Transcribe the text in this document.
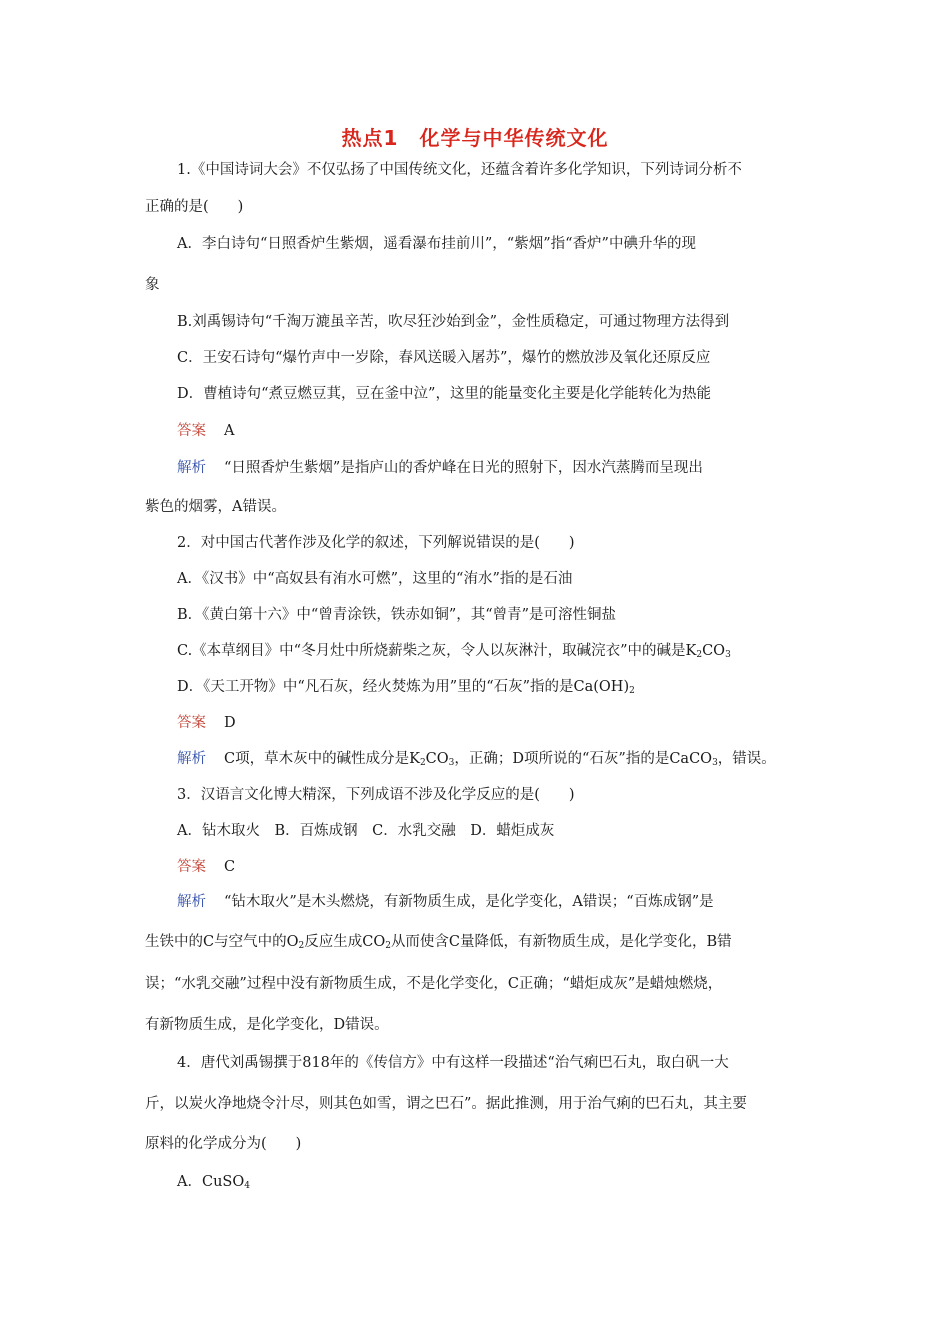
热点1　化学与中华传统文化
1.《中国诗词大会》不仅弘扬了中国传统文化，还蕴含着许多化学知识，下列诗词分析不
正确的是(　　)
A．李白诗句“日照香炉生紫烟，遥看瀑布挂前川”，“紫烟”指“香炉”中碘升华的现
象
B.刘禹锡诗句“千淘万漉虽辛苦，吹尽狂沙始到金”，金性质稳定，可通过物理方法得到
C．王安石诗句“爆竹声中一岁除，春风送暖入屠苏”，爆竹的燃放涉及氧化还原反应
D．曹植诗句“煮豆燃豆萁，豆在釜中泣”，这里的能量变化主要是化学能转化为热能
答案 A
解析 “日照香炉生紫烟”是指庐山的香炉峰在日光的照射下，因水汽蒸腾而呈现出
紫色的烟雾，A错误。
2．对中国古代著作涉及化学的叙述，下列解说错误的是(　　)
A．《汉书》中“高奴县有洧水可燃”，这里的“洧水”指的是石油
B．《黄白第十六》中“曾青涂铁，铁赤如铜”，其“曾青”是可溶性铜盐
C.《本草纲目》中“冬月灶中所烧薪柴之灰，令人以灰淋汁，取碱浣衣”中的碱是$K_2CO_3$
D．《天工开物》中“凡石灰，经火焚炼为用”里的“石灰”指的是$Ca(OH)_2$
答案 D
解析 C项，草木灰中的碱性成分是$K_2CO_3$，正确；D项所说的“石灰”指的是CaCO$_3$，错误。
3．汉语言文化博大精深，下列成语不涉及化学反应的是(　　)
A．钻木取火　B．百炼成钢　C．水乳交融　D．蜡炬成灰
答案 C
解析 “钻木取火”是木头燃烧，有新物质生成，是化学变化，A错误；“百炼成钢”是
生铁中的C与空气中的$O_2$反应生成$CO_2$从而使含C量降低，有新物质生成，是化学变化，B错
误；“水乳交融”过程中没有新物质生成，不是化学变化，C正确；“蜡炬成灰”是蜡烛燃烧，
有新物质生成，是化学变化，D错误。
4．唐代刘禹锡撰于818年的《传信方》中有这样一段描述“治气痢巴石丸，取白矾一大
斤，以炭火净地烧令汁尽，则其色如雪，谓之巴石”。据此推测，用于治气痢的巴石丸，其主要
原料的化学成分为(　　)
A．CuSO$_4$
